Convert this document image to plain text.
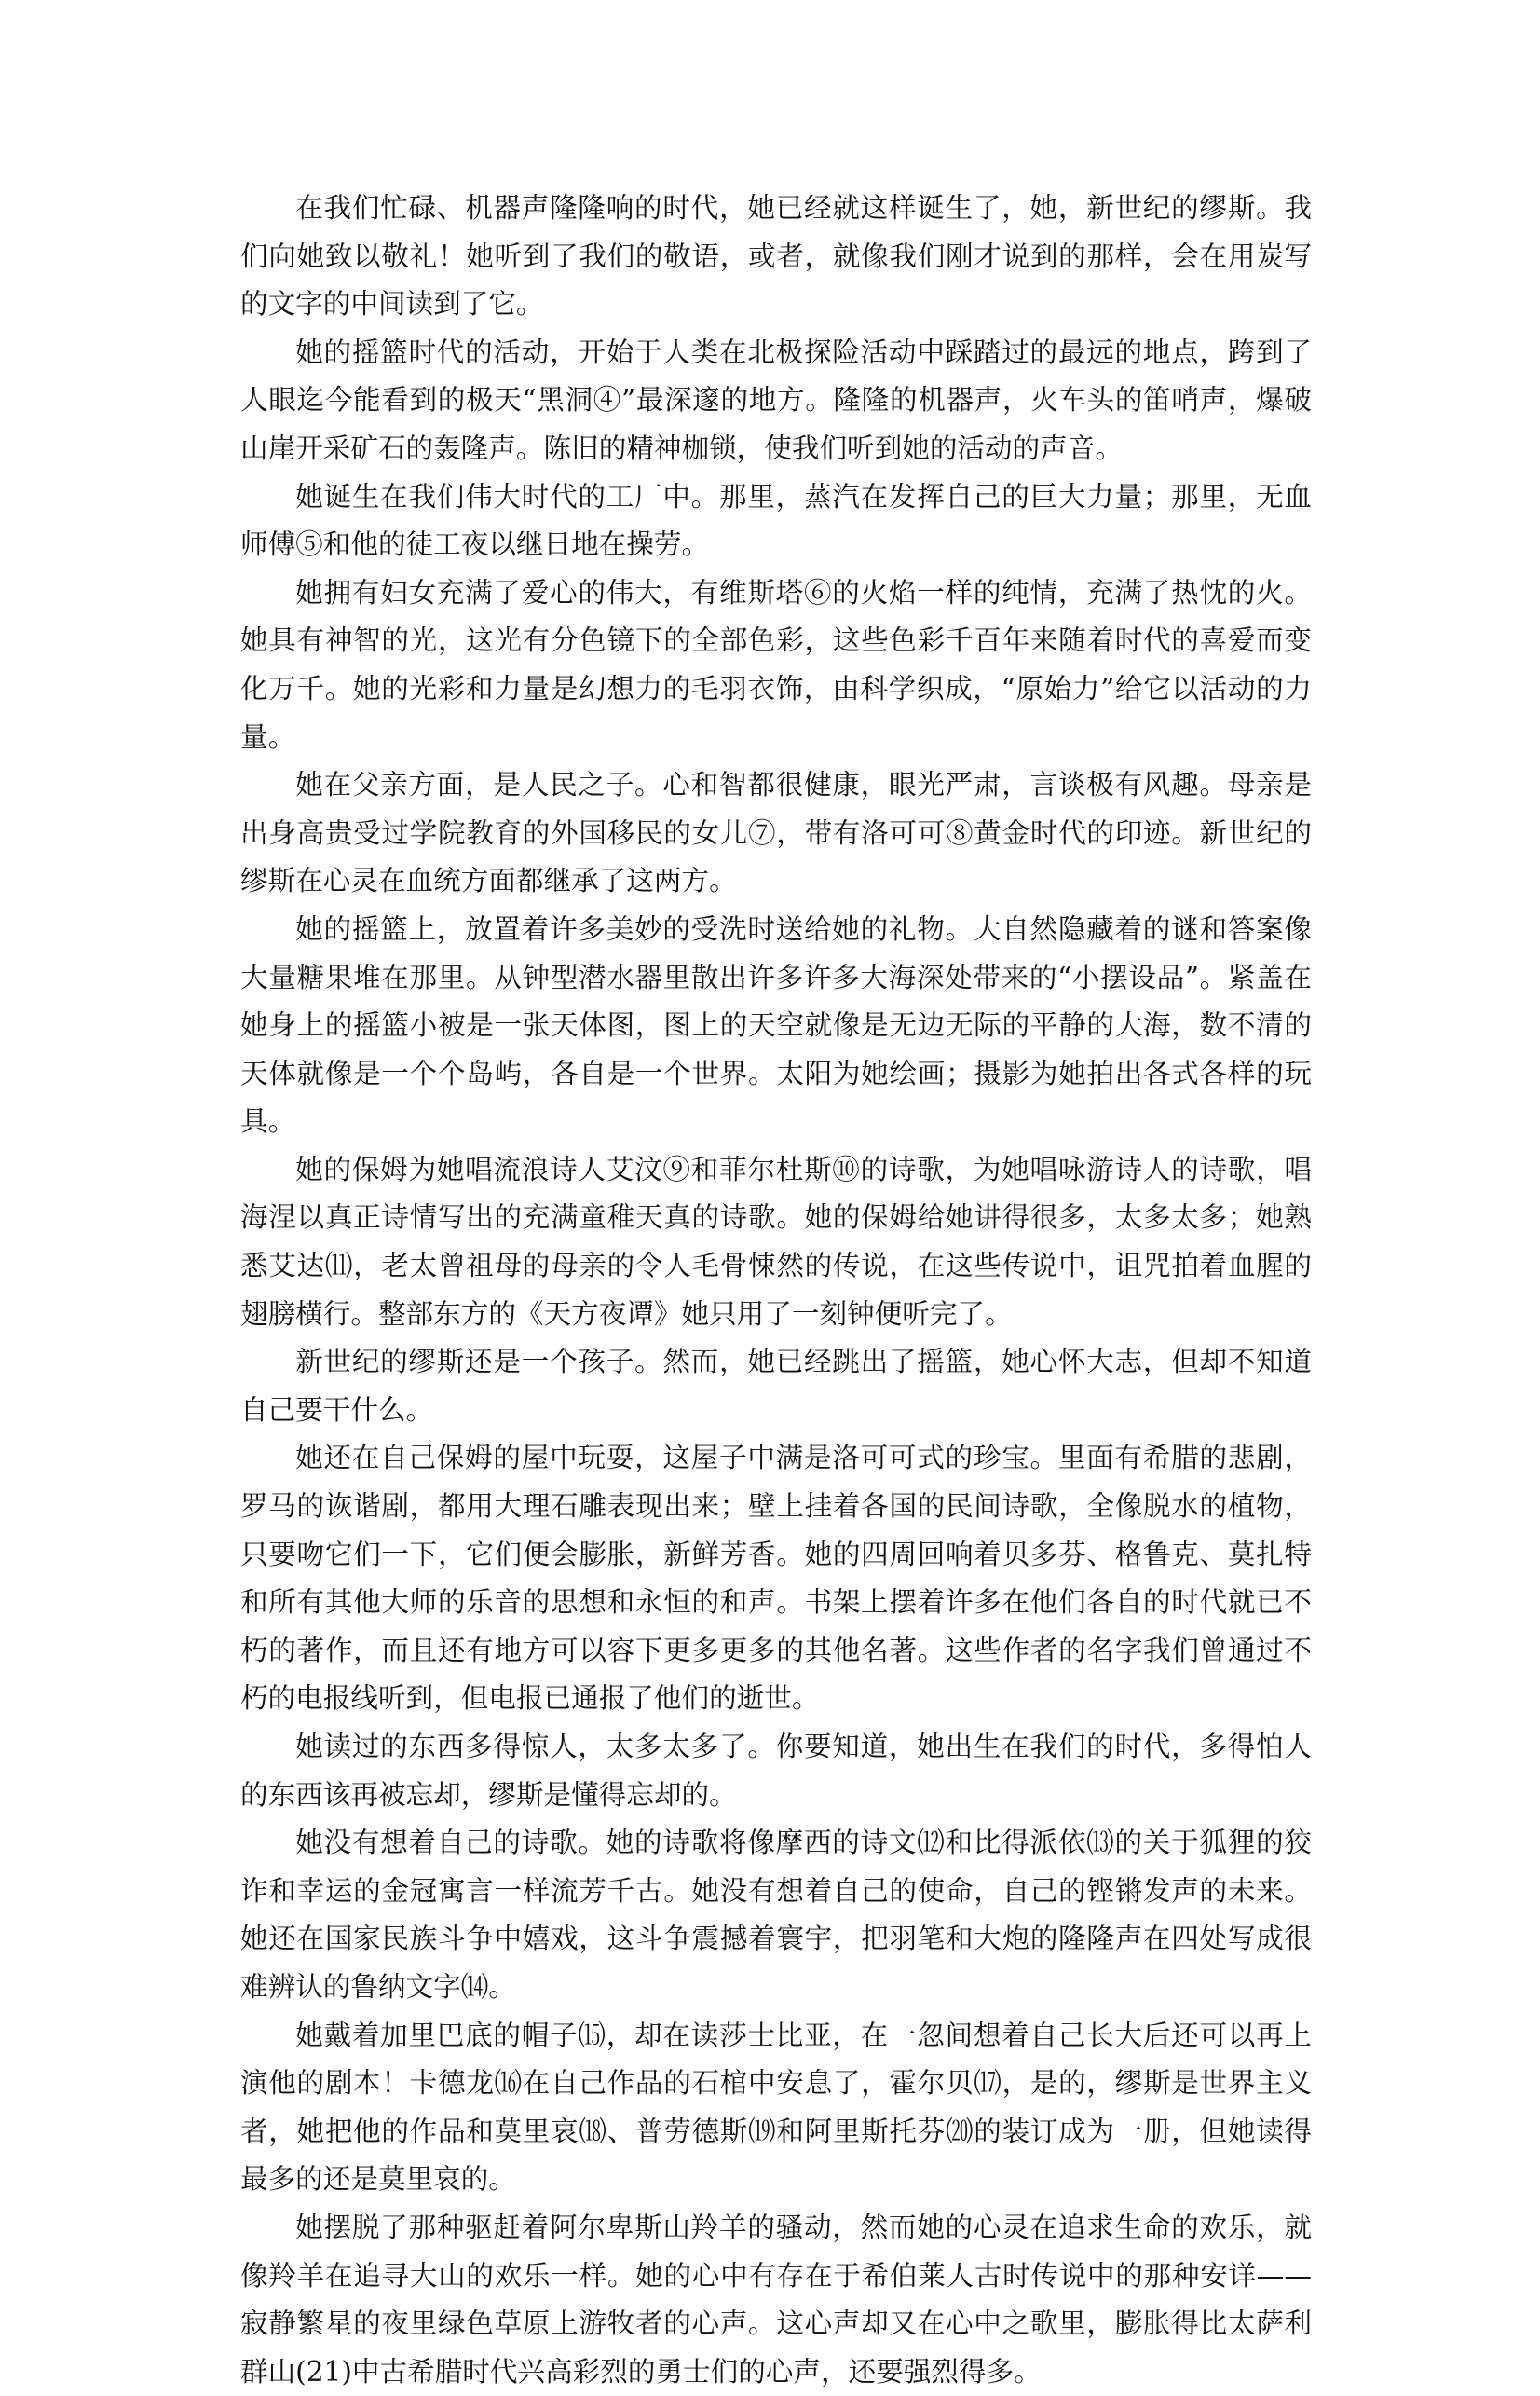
在我们忙碌、机器声隆隆响的时代，她已经就这样诞生了，她，新世纪的缪斯。我们向她致以敬礼！她听到了我们的敬语，或者，就像我们刚才说到的那样，会在用炭写的文字的中间读到了它。

她的摇篮时代的活动，开始于人类在北极探险活动中踩踏过的最远的地点，跨到了人眼迄今能看到的极天“黑洞④”最深邃的地方。隆隆的机器声，火车头的笛哨声，爆破山崖开采矿石的轰隆声。陈旧的精神枷锁，使我们听到她的活动的声音。

她诞生在我们伟大时代的工厂中。那里，蒸汽在发挥自己的巨大力量；那里，无血师傅⑤和他的徒工夜以继日地在操劳。

她拥有妇女充满了爱心的伟大，有维斯塔⑥的火焰一样的纯情，充满了热忱的火。她具有神智的光，这光有分色镜下的全部色彩，这些色彩千百年来随着时代的喜爱而变化万千。她的光彩和力量是幻想力的毛羽衣饰，由科学织成，“原始力”给它以活动的力量。

她在父亲方面，是人民之子。心和智都很健康，眼光严肃，言谈极有风趣。母亲是出身高贵受过学院教育的外国移民的女儿⑦，带有洛可可⑧黄金时代的印迹。新世纪的缪斯在心灵在血统方面都继承了这两方。

她的摇篮上，放置着许多美妙的受洗时送给她的礼物。大自然隐藏着的谜和答案像大量糖果堆在那里。从钟型潜水器里散出许多许多大海深处带来的“小摆设品”。紧盖在她身上的摇篮小被是一张天体图，图上的天空就像是无边无际的平静的大海，数不清的天体就像是一个个岛屿，各自是一个世界。太阳为她绘画；摄影为她拍出各式各样的玩具。

她的保姆为她唱流浪诗人艾汶⑨和菲尔杜斯⑩的诗歌，为她唱咏游诗人的诗歌，唱海涅以真正诗情写出的充满童稚天真的诗歌。她的保姆给她讲得很多，太多太多；她熟悉艾达⑾，老太曾祖母的母亲的令人毛骨悚然的传说，在这些传说中，诅咒拍着血腥的翅膀横行。整部东方的《天方夜谭》她只用了一刻钟便听完了。

新世纪的缪斯还是一个孩子。然而，她已经跳出了摇篮，她心怀大志，但却不知道自己要干什么。

她还在自己保姆的屋中玩耍，这屋子中满是洛可可式的珍宝。里面有希腊的悲剧，罗马的诙谐剧，都用大理石雕表现出来；壁上挂着各国的民间诗歌，全像脱水的植物，只要吻它们一下，它们便会膨胀，新鲜芳香。她的四周回响着贝多芬、格鲁克、莫扎特和所有其他大师的乐音的思想和永恒的和声。书架上摆着许多在他们各自的时代就已不朽的著作，而且还有地方可以容下更多更多的其他名著。这些作者的名字我们曾通过不朽的电报线听到，但电报已通报了他们的逝世。

她读过的东西多得惊人，太多太多了。你要知道，她出生在我们的时代，多得怕人的东西该再被忘却，缪斯是懂得忘却的。

她没有想着自己的诗歌。她的诗歌将像摩西的诗文⑿和比得派依⒀的关于狐狸的狡诈和幸运的金冠寓言一样流芳千古。她没有想着自己的使命，自己的铿锵发声的未来。她还在国家民族斗争中嬉戏，这斗争震撼着寰宇，把羽笔和大炮的隆隆声在四处写成很难辨认的鲁纳文字⒁。

她戴着加里巴底的帽子⒂，却在读莎士比亚，在一忽间想着自己长大后还可以再上演他的剧本！卡德龙⒃在自己作品的石棺中安息了，霍尔贝⒄，是的，缪斯是世界主义者，她把他的作品和莫里哀⒅、普劳德斯⒆和阿里斯托芬⒇的装订成为一册，但她读得最多的还是莫里哀的。

她摆脱了那种驱赶着阿尔卑斯山羚羊的骚动，然而她的心灵在追求生命的欢乐，就像羚羊在追寻大山的欢乐一样。她的心中有存在于希伯莱人古时传说中的那种安详——寂静繁星的夜里绿色草原上游牧者的心声。这心声却又在心中之歌里，膨胀得比太萨利群山(21)中古希腊时代兴高彩烈的勇士们的心声，还要强烈得多。
